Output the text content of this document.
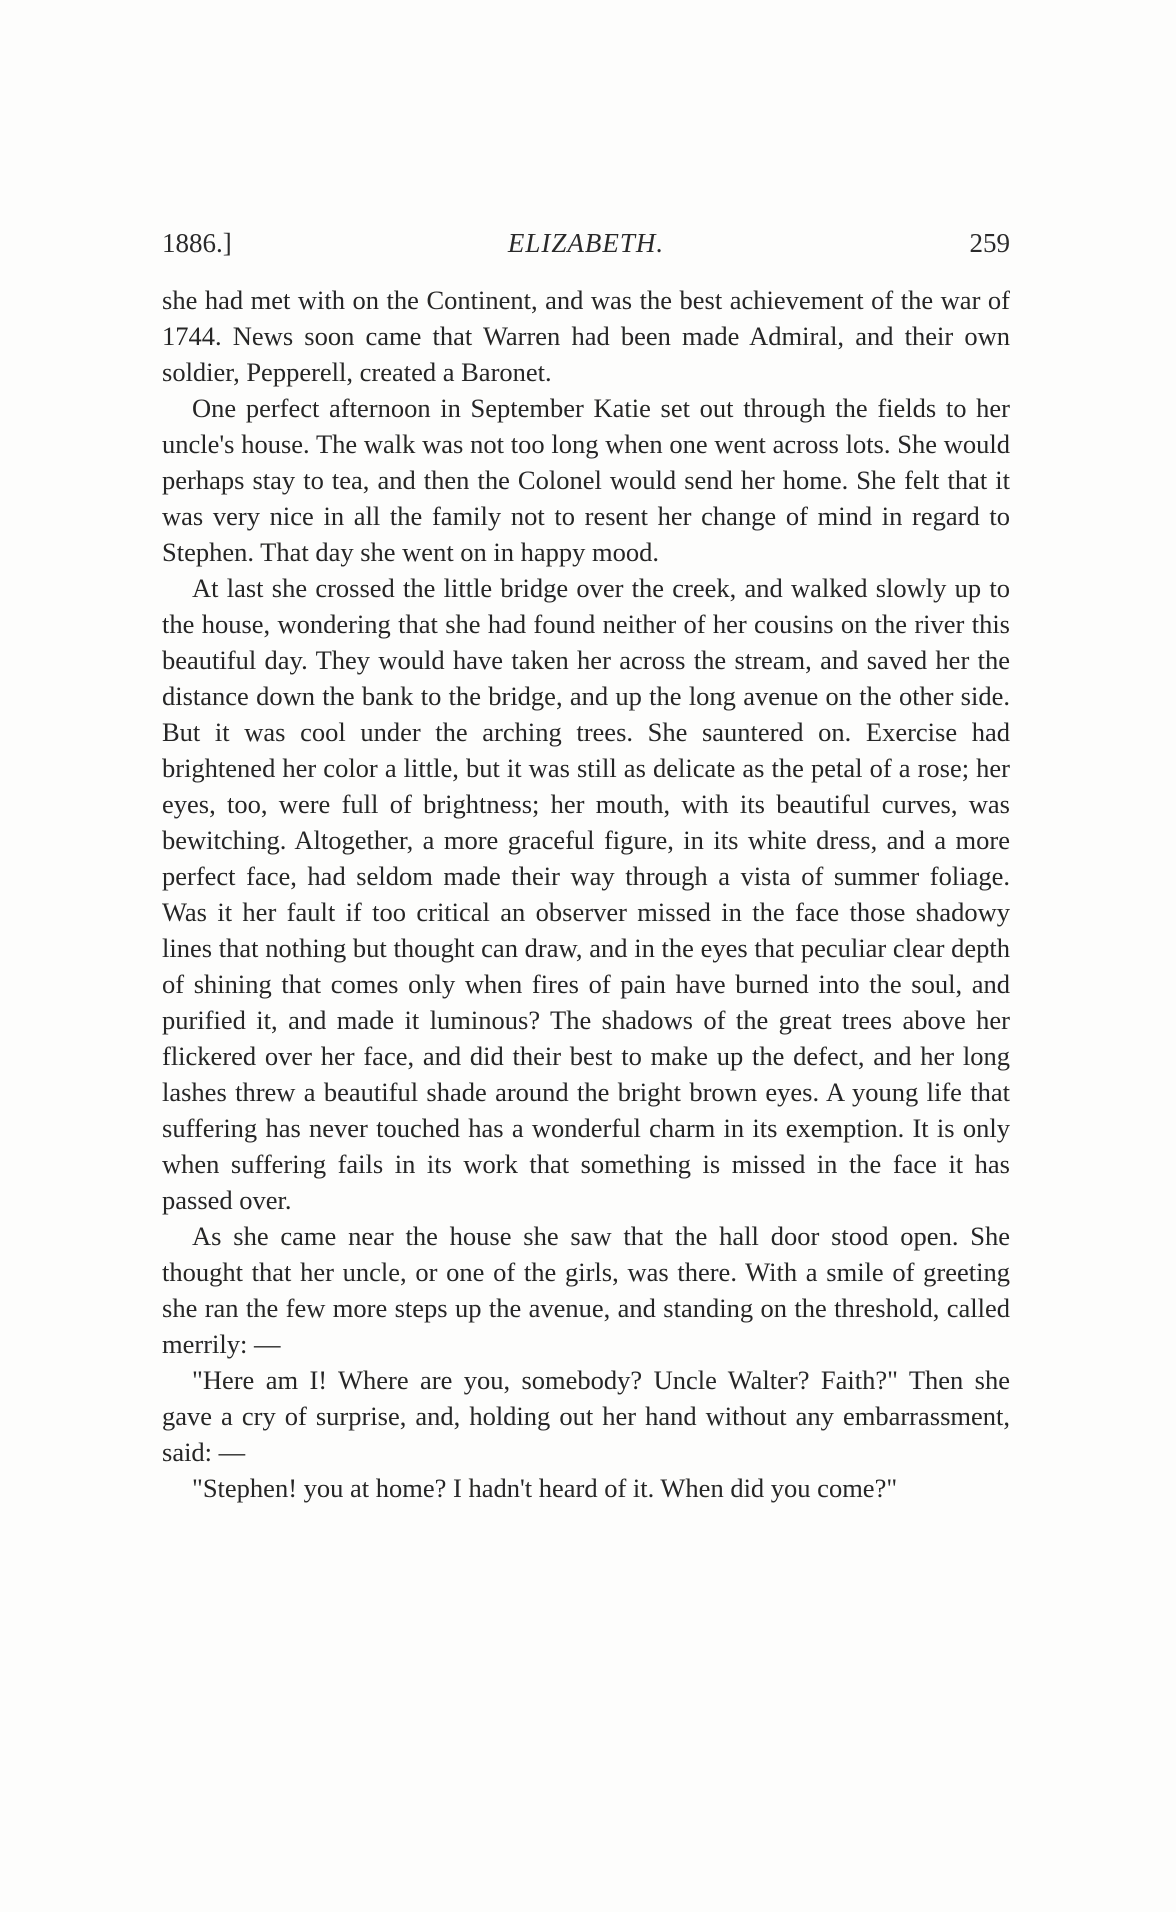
1886.]	ELIZABETH.	259

she had met with on the Continent, and was the best achievement of the war of 1744. News soon came that Warren had been made Admiral, and their own soldier, Pepperell, created a Baronet.

One perfect afternoon in September Katie set out through the fields to her uncle's house. The walk was not too long when one went across lots. She would perhaps stay to tea, and then the Colonel would send her home. She felt that it was very nice in all the family not to resent her change of mind in regard to Stephen. That day she went on in happy mood.

At last she crossed the little bridge over the creek, and walked slowly up to the house, wondering that she had found neither of her cousins on the river this beautiful day. They would have taken her across the stream, and saved her the distance down the bank to the bridge, and up the long avenue on the other side. But it was cool under the arching trees. She sauntered on. Exercise had brightened her color a little, but it was still as delicate as the petal of a rose; her eyes, too, were full of brightness; her mouth, with its beautiful curves, was bewitching. Altogether, a more graceful figure, in its white dress, and a more perfect face, had seldom made their way through a vista of summer foliage. Was it her fault if too critical an observer missed in the face those shadowy lines that nothing but thought can draw, and in the eyes that peculiar clear depth of shining that comes only when fires of pain have burned into the soul, and purified it, and made it luminous? The shadows of the great trees above her flickered over her face, and did their best to make up the defect, and her long lashes threw a beautiful shade around the bright brown eyes. A young life that suffering has never touched has a wonderful charm in its exemption. It is only when suffering fails in its work that something is missed in the face it has passed over.

As she came near the house she saw that the hall door stood open. She thought that her uncle, or one of the girls, was there. With a smile of greeting she ran the few more steps up the avenue, and standing on the threshold, called merrily: —

"Here am I! Where are you, somebody? Uncle Walter? Faith?" Then she gave a cry of surprise, and, holding out her hand without any embarrassment, said: —

"Stephen! you at home? I hadn't heard of it. When did you come?"
